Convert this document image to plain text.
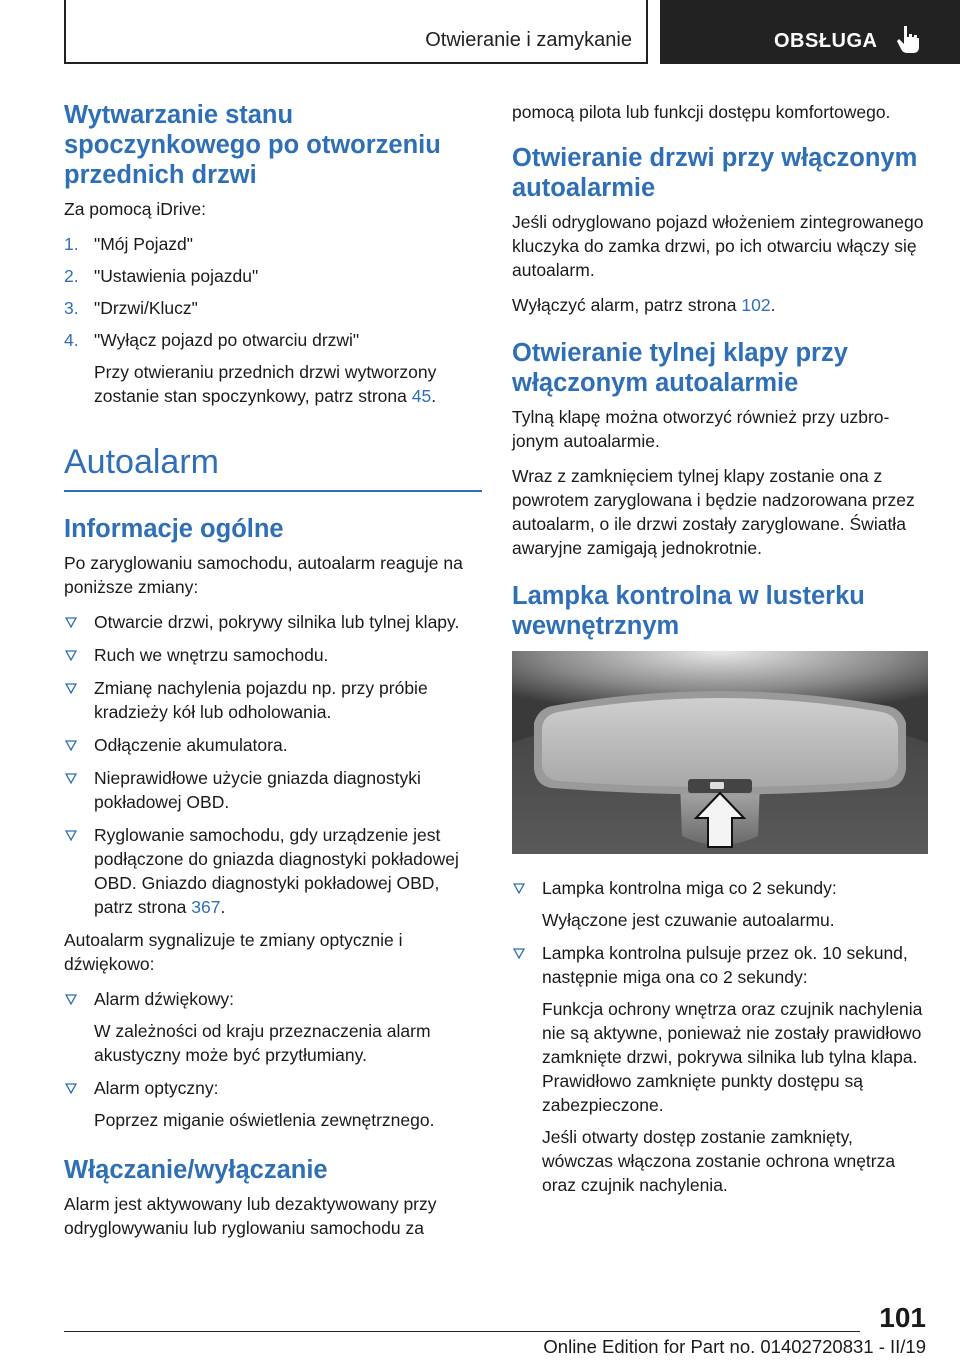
Otwieranie i zamykanie	OBSŁUGA
Wytwarzanie stanu spoczynkowego po otworzeniu przednich drzwi

Za pomocą iDrive:

1. "Mój Pojazd"
2. "Ustawienia pojazdu"
3. "Drzwi/Klucz"
4. "Wyłącz pojazd po otwarciu drzwi"
Przy otwieraniu przednich drzwi wytworzony zostanie stan spoczynkowy, patrz strona 45.
Autoalarm
Informacje ogólne

Po zaryglowaniu samochodu, autoalarm reaguje na poniższe zmiany:

Otwarcie drzwi, pokrywy silnika lub tylnej klapy.
Ruch we wnętrzu samochodu.
Zmianę nachylenia pojazdu np. przy próbie kradzieży kół lub odholowania.
Odłączenie akumulatora.
Nieprawidłowe użycie gniazda diagnostyki pokładowej OBD.
Ryglowanie samochodu, gdy urządzenie jest podłączone do gniazda diagnostyki pokładowej OBD. Gniazdo diagnostyki pokładowej OBD, patrz strona 367.

Autoalarm sygnalizuje te zmiany optycznie i dźwiękowo:

Alarm dźwiękowy:
W zależności od kraju przeznaczenia alarm akustyczny może być przytłumiany.
Alarm optyczny:
Poprzez miganie oświetlenia zewnętrznego.
Włączanie/wyłączanie

Alarm jest aktywowany lub dezaktywowany przy odryglowywaniu lub ryglowaniu samochodu za

pomocą pilota lub funkcji dostępu komfortowego.

Otwieranie drzwi przy włączonym autoalarmie

Jeśli odryglowano pojazd włożeniem zintegrowanego kluczyka do zamka drzwi, po ich otwarciu włączy się autoalarm.

Wyłączyć alarm, patrz strona 102.

Otwieranie tylnej klapy przy włączonym autoalarmie

Tylną klapę można otworzyć również przy uzbrojonym autoalarmie.

Wraz z zamknięciem tylnej klapy zostanie ona z powrotem zaryglowana i będzie nadzorowana przez autoalarm, o ile drzwi zostały zaryglowane. Światła awaryjne zamigają jednokrotnie.

Lampka kontrolna w lusterku wewnętrznym
Lampka kontrolna miga co 2 sekundy:
Wyłączone jest czuwanie autoalarmu.
Lampka kontrolna pulsuje przez ok. 10 sekund, następnie miga ona co 2 sekundy:
Funkcja ochrony wnętrza oraz czujnik nachylenia nie są aktywne, ponieważ nie zostały prawidłowo zamknięte drzwi, pokrywa silnika lub tylna klapa. Prawidłowo zamknięte punkty dostępu są zabezpieczone.
Jeśli otwarty dostęp zostanie zamknięty, wówczas włączona zostanie ochrona wnętrza oraz czujnik nachylenia.
101
Online Edition for Part no. 01402720831 - II/19
